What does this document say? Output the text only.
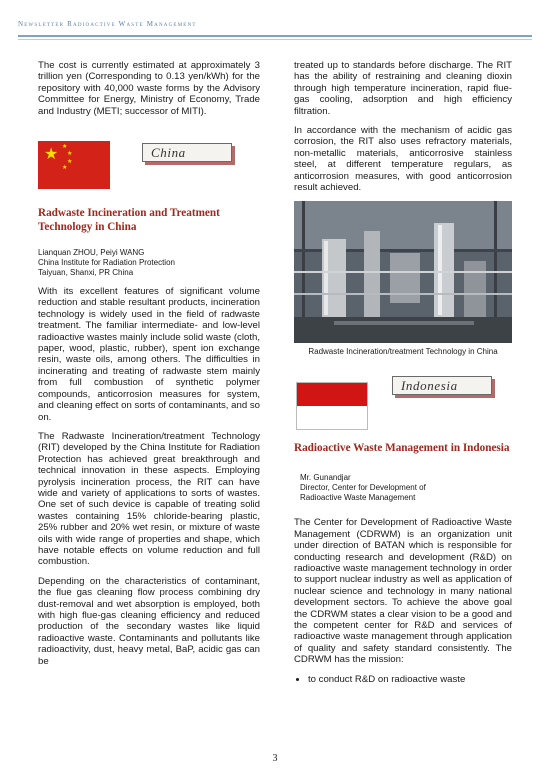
Newsletter Radioactive Waste Management

The cost is currently estimated at approximately 3 trillion yen (Corresponding to 0.13 yen/kWh) for the repository with 40,000 waste forms by the Advisory Committee for Energy, Ministry of Economy, Trade and Industry (METI; successor of MITI).

★ ★
★
★
★
China
Radwaste Incineration and Treatment Technology in China
Lianquan ZHOU, Peiyi WANG
China Institute for Radiation Protection
Taiyuan, Shanxi, PR China

With its excellent features of significant volume reduction and stable resultant products, incineration technology is widely used in the field of radwaste treatment. The familiar intermediate- and low-level radioactive wastes mainly include solid waste (cloth, paper, wood, plastic, rubber), spent ion exchange resin, waste oils, among others. The difficulties in incinerating and treating of radwaste stem mainly from full combustion of synthetic polymer compounds, anticorrosion measures for system, and cleaning effect on sorts of contaminants, and so on.

The Radwaste Incineration/treatment Technology (RIT) developed by the China Institute for Radiation Protection has achieved great breakthrough and technical innovation in these aspects. Employing pyrolysis incineration process, the RIT can have wide and variety of applications to sorts of wastes. One set of such device is capable of treating solid wastes containing 15% chloride-bearing plastic, 25% rubber and 20% wet resin, or mixture of waste oils with wide range of properties and shape, which have notable effects on volume reduction and full combustion.

Depending on the characteristics of contaminant, the flue gas cleaning flow process combining dry dust-removal and wet absorption is employed, both with high flue-gas cleaning efficiency and reduced production of the secondary wastes like liquid radioactive waste. Contaminants and pollutants like radioactivity, dust, heavy metal, BaP, acidic gas can be

treated up to standards before discharge. The RIT has the ability of restraining and cleaning dioxin through high temperature incineration, rapid flue-gas cooling, adsorption and high efficiency filtration.

In accordance with the mechanism of acidic gas corrosion, the RIT also uses refractory materials, non-metallic materials, anticorrosive stainless steel, at different temperature regulars, as anticorrosion measures, with good anticorrosion result achieved.

Radwaste Incineration/treatment Technology in China
Indonesia
Radioactive Waste Management in Indonesia
Mr. Gunandjar
Director, Center for Development of
Radioactive Waste Management

The Center for Development of Radioactive Waste Management (CDRWM) is an organization unit under direction of BATAN which is responsible for conducting research and development (R&D) on radioactive waste management technology in order to support nuclear industry as well as application of nuclear science and technology in many national development sectors. To achieve the above goal the CDRWM states a clear vision to be a good and the competent center for R&D and services of radioactive waste management through application of quality and safety standard consistently. The CDRWM has the mission:

• to conduct R&D on radioactive waste
3
